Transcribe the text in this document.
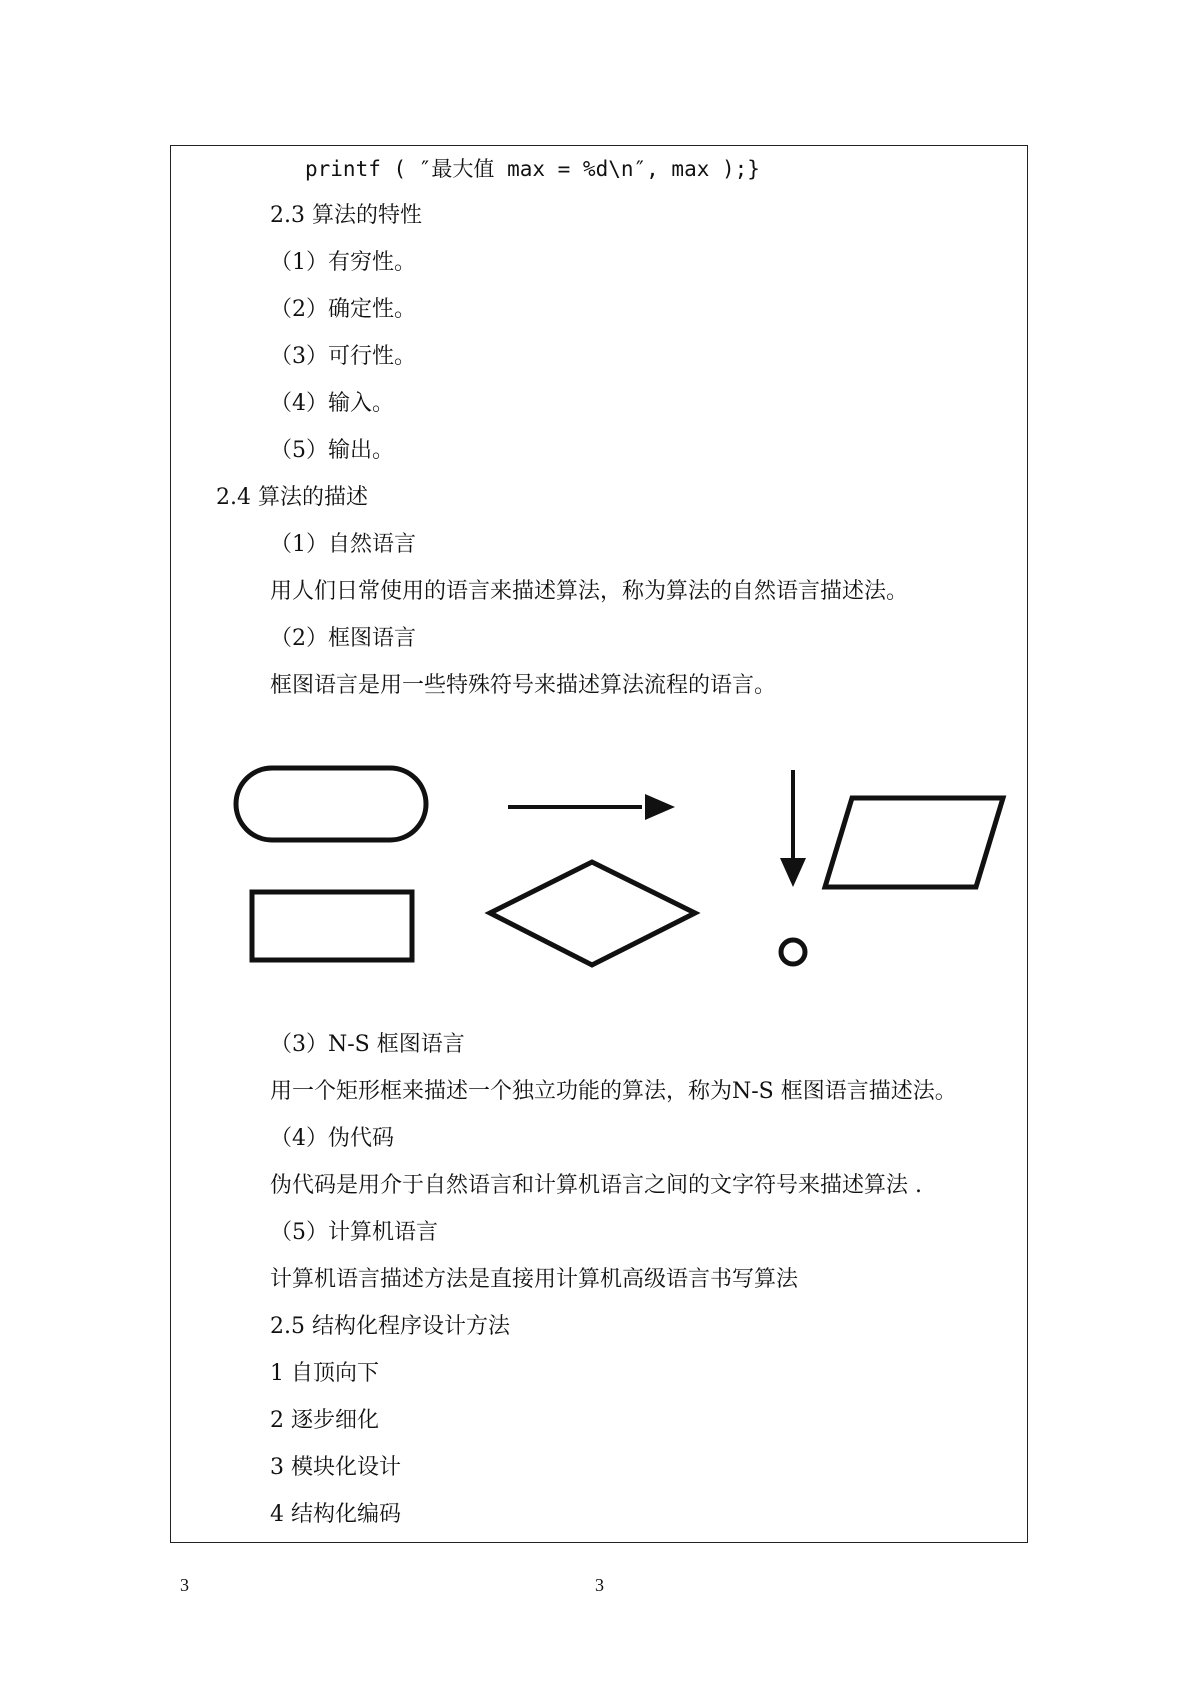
printf ( ″最大值 max = %d\n″, max );}
2.3 算法的特性
（1）有穷性。
（2）确定性。
（3）可行性。
（4）输入。
（5）输出。
2.4 算法的描述
（1）自然语言
用人们日常使用的语言来描述算法，称为算法的自然语言描述法。
（2）框图语言
框图语言是用一些特殊符号来描述算法流程的语言。
（3）N-S 框图语言
用一个矩形框来描述一个独立功能的算法，称为N-S 框图语言描述法。
（4）伪代码
伪代码是用介于自然语言和计算机语言之间的文字符号来描述算法 .
（5）计算机语言
计算机语言描述方法是直接用计算机高级语言书写算法
2.5 结构化程序设计方法
1 自顶向下
2 逐步细化
3 模块化设计
4 结构化编码
3	3
